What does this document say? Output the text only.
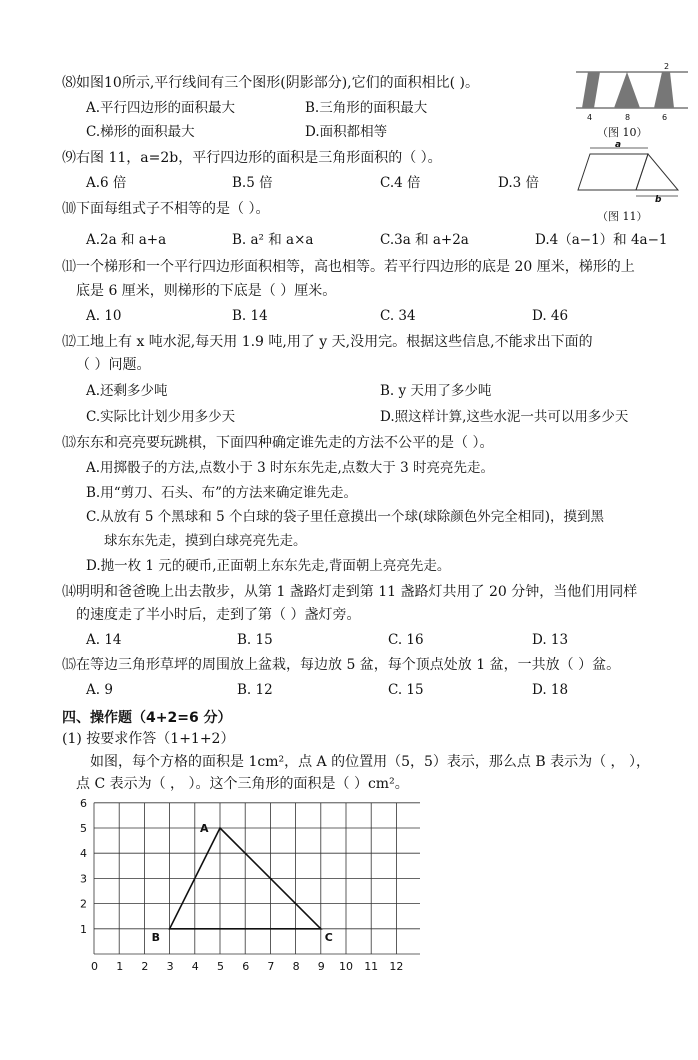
⑻如图10所示,平行线间有三个图形(阴影部分),它们的面积相比( )。
A.平行四边形的面积最大	B.三角形的面积最大
C.梯形的面积最大	D.面积都相等
4	8	6
2
（图 10）
⑼右图 11，a=2b，平行四边形的面积是三角形面积的（ ）。
A.6 倍	B.5 倍	C.4 倍	D.3 倍
a
b
（图 11）
⑽下面每组式子不相等的是（ ）。
A.2a 和 a+a	B. a² 和 a×a	C.3a 和 a+2a	D.4（a−1）和 4a−1
⑾一个梯形和一个平行四边形面积相等，高也相等。若平行四边形的底是 20 厘米，梯形的上
底是 6 厘米，则梯形的下底是（ ）厘米。
A. 10	B. 14	C. 34	D. 46
⑿工地上有 x 吨水泥,每天用 1.9 吨,用了 y 天,没用完。根据这些信息,不能求出下面的
（ ）问题。
A.还剩多少吨	B. y 天用了多少吨
C.实际比计划少用多少天	D.照这样计算,这些水泥一共可以用多少天
⒀东东和亮亮要玩跳棋，下面四种确定谁先走的方法不公平的是（ ）。
A.用掷骰子的方法,点数小于 3 时东东先走,点数大于 3 时亮亮先走。
B.用“剪刀、石头、布”的方法来确定谁先走。
C.从放有 5 个黑球和 5 个白球的袋子里任意摸出一个球(球除颜色外完全相同)，摸到黑
球东东先走，摸到白球亮亮先走。
D.抛一枚 1 元的硬币,正面朝上东东先走,背面朝上亮亮先走。
⒁明明和爸爸晚上出去散步，从第 1 盏路灯走到第 11 盏路灯共用了 20 分钟，当他们用同样
的速度走了半小时后，走到了第（ ）盏灯旁。
A. 14	B. 15	C. 16	D. 13
⒂在等边三角形草坪的周围放上盆栽，每边放 5 盆，每个顶点处放 1 盆，一共放（ ）盆。
A. 9	B. 12	C. 15	D. 18
四、操作题（4+2=6 分）
(1) 按要求作答（1+1+2）
如图，每个方格的面积是 1cm²，点 A 的位置用（5，5）表示，那么点 B 表示为（ ， ），
点 C 表示为（ ， ）。这个三角形的面积是（ ）cm²。
0 1 2 3 4 5 6 7 8 9 10 11 12
1
2
3
4
5
6
A
B	C
